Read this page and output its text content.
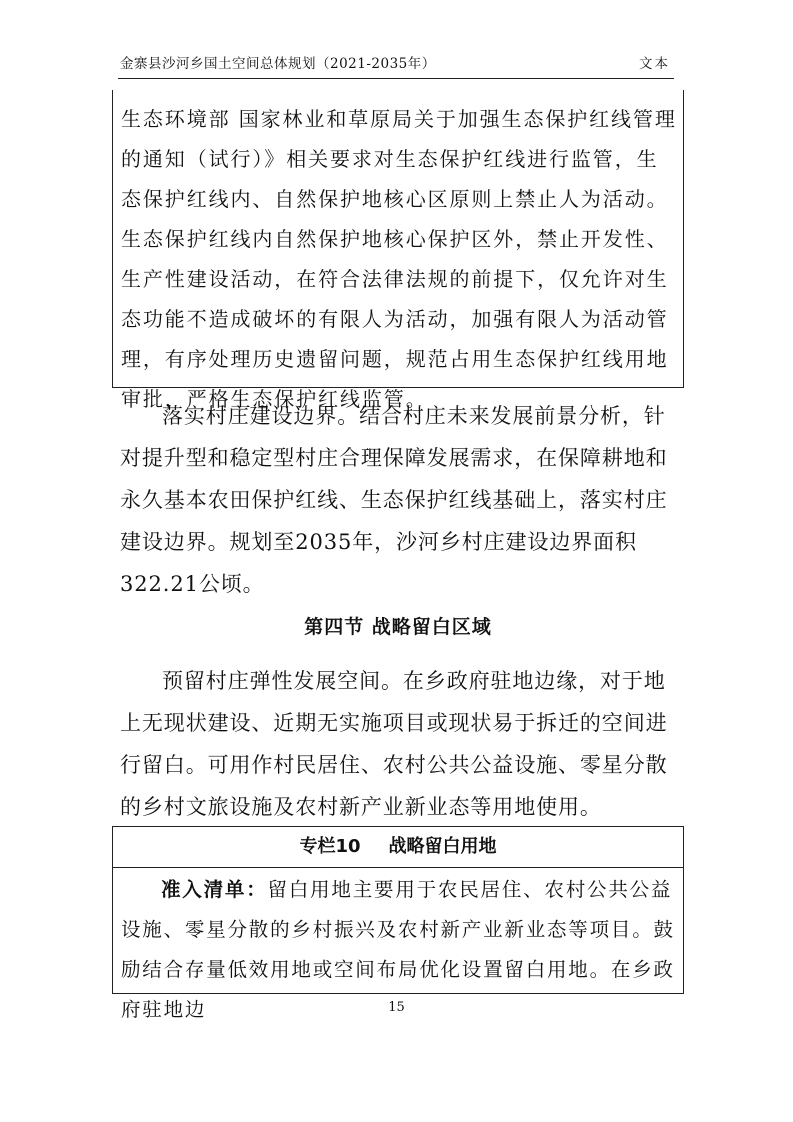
金寨县沙河乡国土空间总体规划（2021-2035年）	文本
生态环境部 国家林业和草原局关于加强生态保护红线管理的通知（试行）》相关要求对生态保护红线进行监管，生态保护红线内、自然保护地核心区原则上禁止人为活动。生态保护红线内自然保护地核心保护区外，禁止开发性、生产性建设活动，在符合法律法规的前提下，仅允许对生态功能不造成破坏的有限人为活动，加强有限人为活动管理，有序处理历史遗留问题，规范占用生态保护红线用地审批，严格生态保护红线监管。
落实村庄建设边界。结合村庄未来发展前景分析，针对提升型和稳定型村庄合理保障发展需求，在保障耕地和永久基本农田保护红线、生态保护红线基础上，落实村庄建设边界。规划至2035年，沙河乡村庄建设边界面积322.21公顷。
第四节 战略留白区域
预留村庄弹性发展空间。在乡政府驻地边缘，对于地上无现状建设、近期无实施项目或现状易于拆迁的空间进行留白。可用作村民居住、农村公共公益设施、零星分散的乡村文旅设施及农村新产业新业态等用地使用。
专栏10 战略留白用地
准入清单：留白用地主要用于农民居住、农村公共公益设施、零星分散的乡村振兴及农村新产业新业态等项目。鼓励结合存量低效用地或空间布局优化设置留白用地。在乡政府驻地边	15
